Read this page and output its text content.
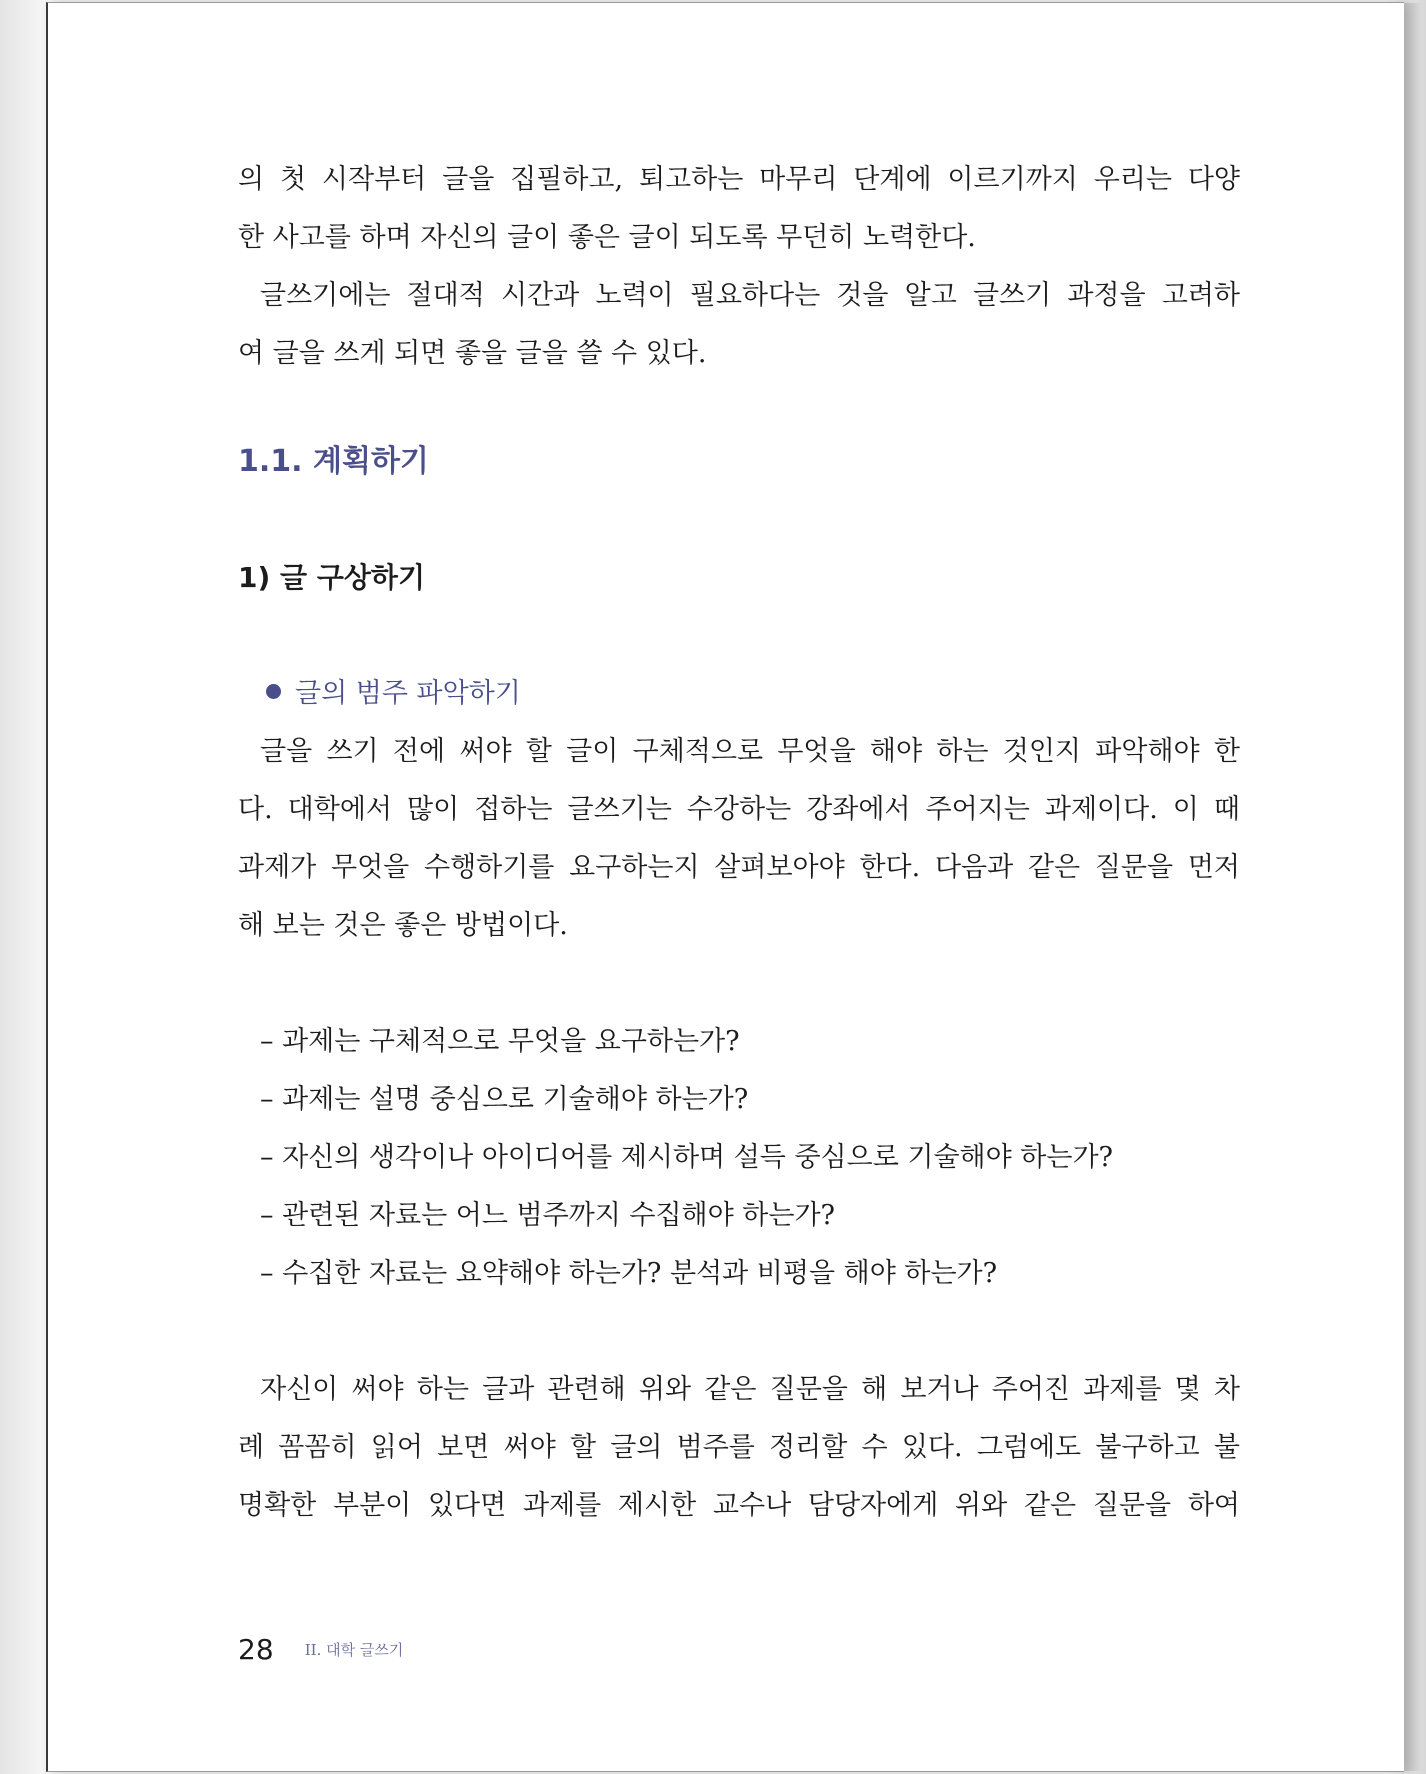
의 첫 시작부터 글을 집필하고, 퇴고하는 마무리 단계에 이르기까지 우리는 다양
한 사고를 하며 자신의 글이 좋은 글이 되도록 무던히 노력한다.
글쓰기에는 절대적 시간과 노력이 필요하다는 것을 알고 글쓰기 과정을 고려하
여 글을 쓰게 되면 좋을 글을 쓸 수 있다.
1.1. 계획하기
1) 글 구상하기
글의 범주 파악하기
글을 쓰기 전에 써야 할 글이 구체적으로 무엇을 해야 하는 것인지 파악해야 한
다. 대학에서 많이 접하는 글쓰기는 수강하는 강좌에서 주어지는 과제이다. 이 때
과제가 무엇을 수행하기를 요구하는지 살펴보아야 한다. 다음과 같은 질문을 먼저
해 보는 것은 좋은 방법이다.
– 과제는 구체적으로 무엇을 요구하는가?
– 과제는 설명 중심으로 기술해야 하는가?
– 자신의 생각이나 아이디어를 제시하며 설득 중심으로 기술해야 하는가?
– 관련된 자료는 어느 범주까지 수집해야 하는가?
– 수집한 자료는 요약해야 하는가? 분석과 비평을 해야 하는가?
자신이 써야 하는 글과 관련해 위와 같은 질문을 해 보거나 주어진 과제를 몇 차
례 꼼꼼히 읽어 보면 써야 할 글의 범주를 정리할 수 있다. 그럼에도 불구하고 불
명확한 부분이 있다면 과제를 제시한 교수나 담당자에게 위와 같은 질문을 하여
28 II. 대학 글쓰기
